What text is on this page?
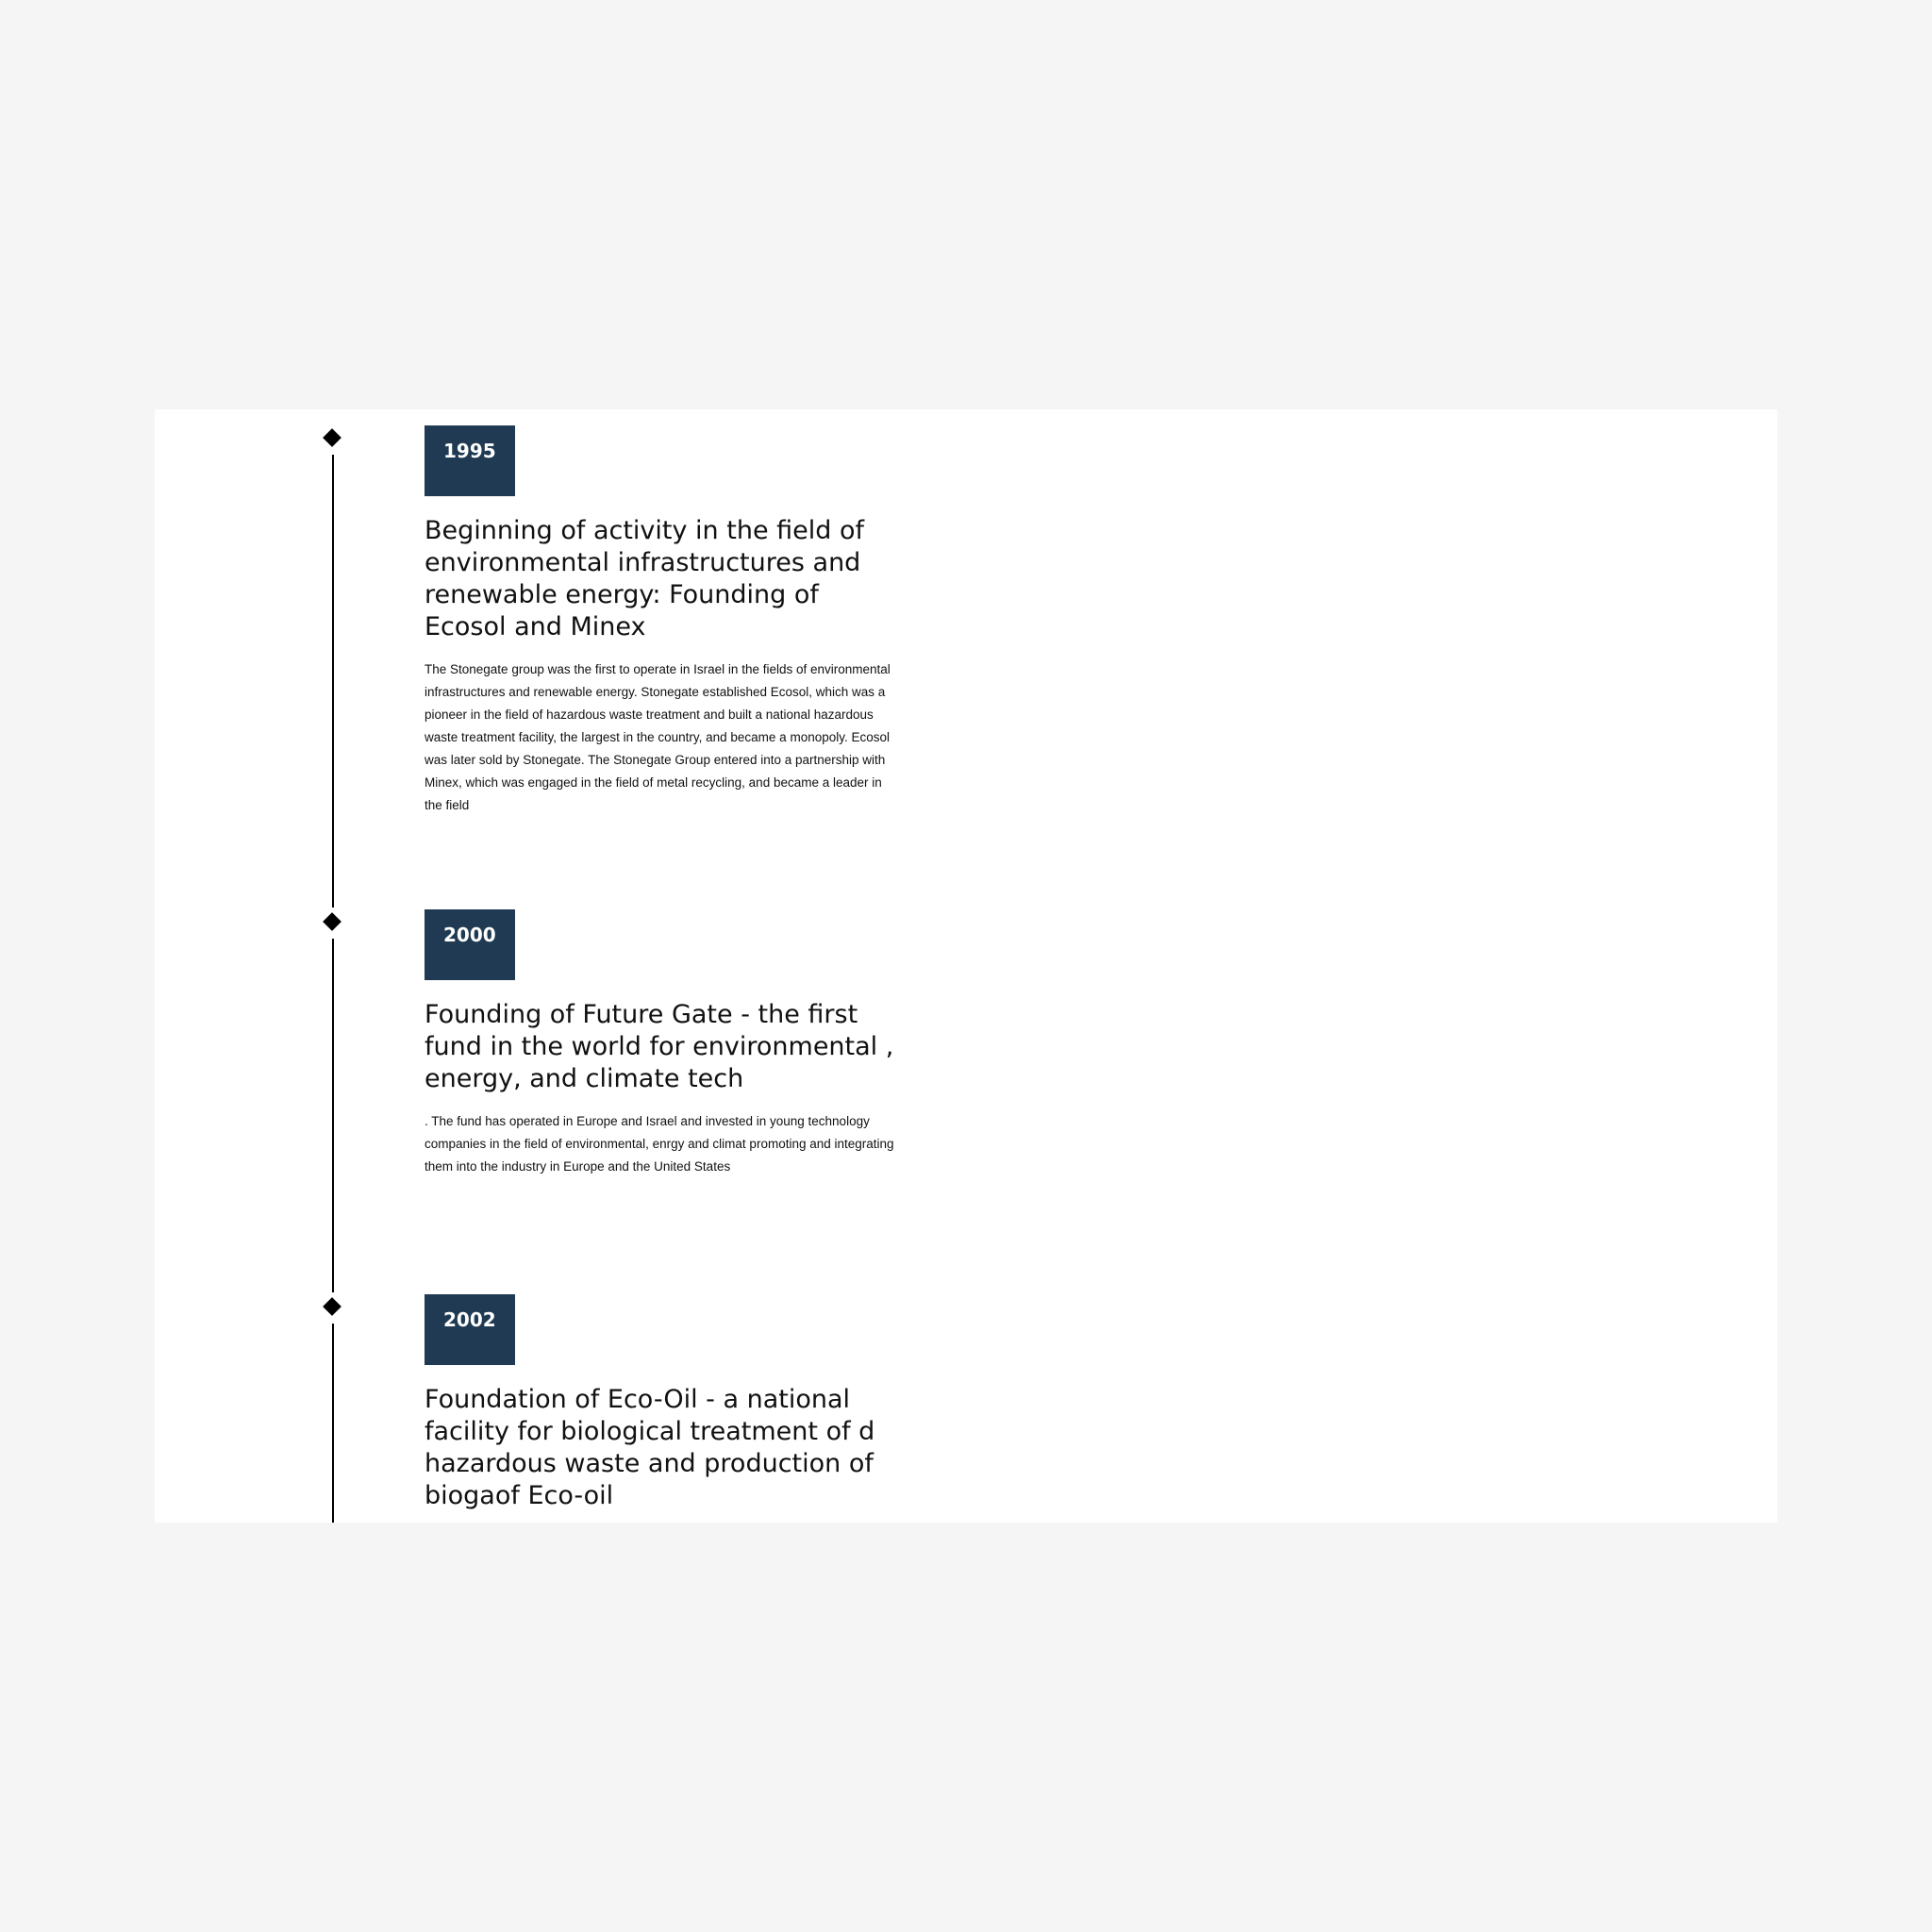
1995
Beginning of activity in the field of environmental infrastructures and renewable energy: Founding of Ecosol and Minex

The Stonegate group was the first to operate in Israel in the fields of environmental infrastructures and renewable energy. Stonegate established Ecosol, which was a pioneer in the field of hazardous waste treatment and built a national hazardous waste treatment facility, the largest in the country, and became a monopoly. Ecosol was later sold by Stonegate. The Stonegate Group entered into a partnership with Minex, which was engaged in the field of metal recycling, and became a leader in the field

2000
Founding of Future Gate - the first fund in the world for environmental , energy, and climate tech

. The fund has operated in Europe and Israel and invested in young technology companies in the field of environmental, enrgy and climat promoting and integrating them into the industry in Europe and the United States

2002
Foundation of Eco-Oil - a national facility for biological treatment of d hazardous waste and production of biogaof Eco-oil
